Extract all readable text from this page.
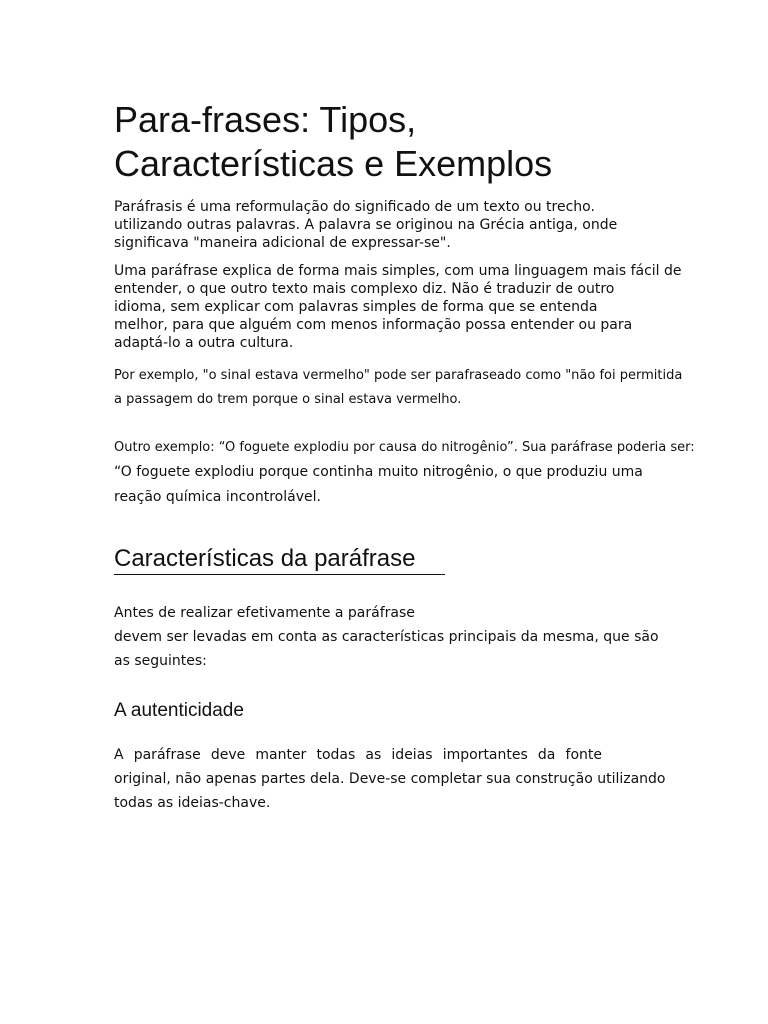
Para-frases: Tipos,
Características e Exemplos

Paráfrasis é uma reformulação do significado de um texto ou trecho.
utilizando outras palavras. A palavra se originou na Grécia antiga, onde
significava "maneira adicional de expressar-se".

Uma paráfrase explica de forma mais simples, com uma linguagem mais fácil de
entender, o que outro texto mais complexo diz. Não é traduzir de outro
idioma, sem explicar com palavras simples de forma que se entenda
melhor, para que alguém com menos informação possa entender ou para
adaptá-lo a outra cultura.

Por exemplo, "o sinal estava vermelho" pode ser parafraseado como "não foi permitida
a passagem do trem porque o sinal estava vermelho.

Outro exemplo: “O foguete explodiu por causa do nitrogênio”. Sua paráfrase poderia ser:

“O foguete explodiu porque continha muito nitrogênio, o que produziu uma
reação química incontrolável.

Características da paráfrase

Antes de realizar efetivamente a paráfrase
devem ser levadas em conta as características principais da mesma, que são
as seguintes:

A autenticidade

A paráfrase deve manter todas as ideias importantes da fonte
original, não apenas partes dela. Deve-se completar sua construção utilizando
todas as ideias-chave.
